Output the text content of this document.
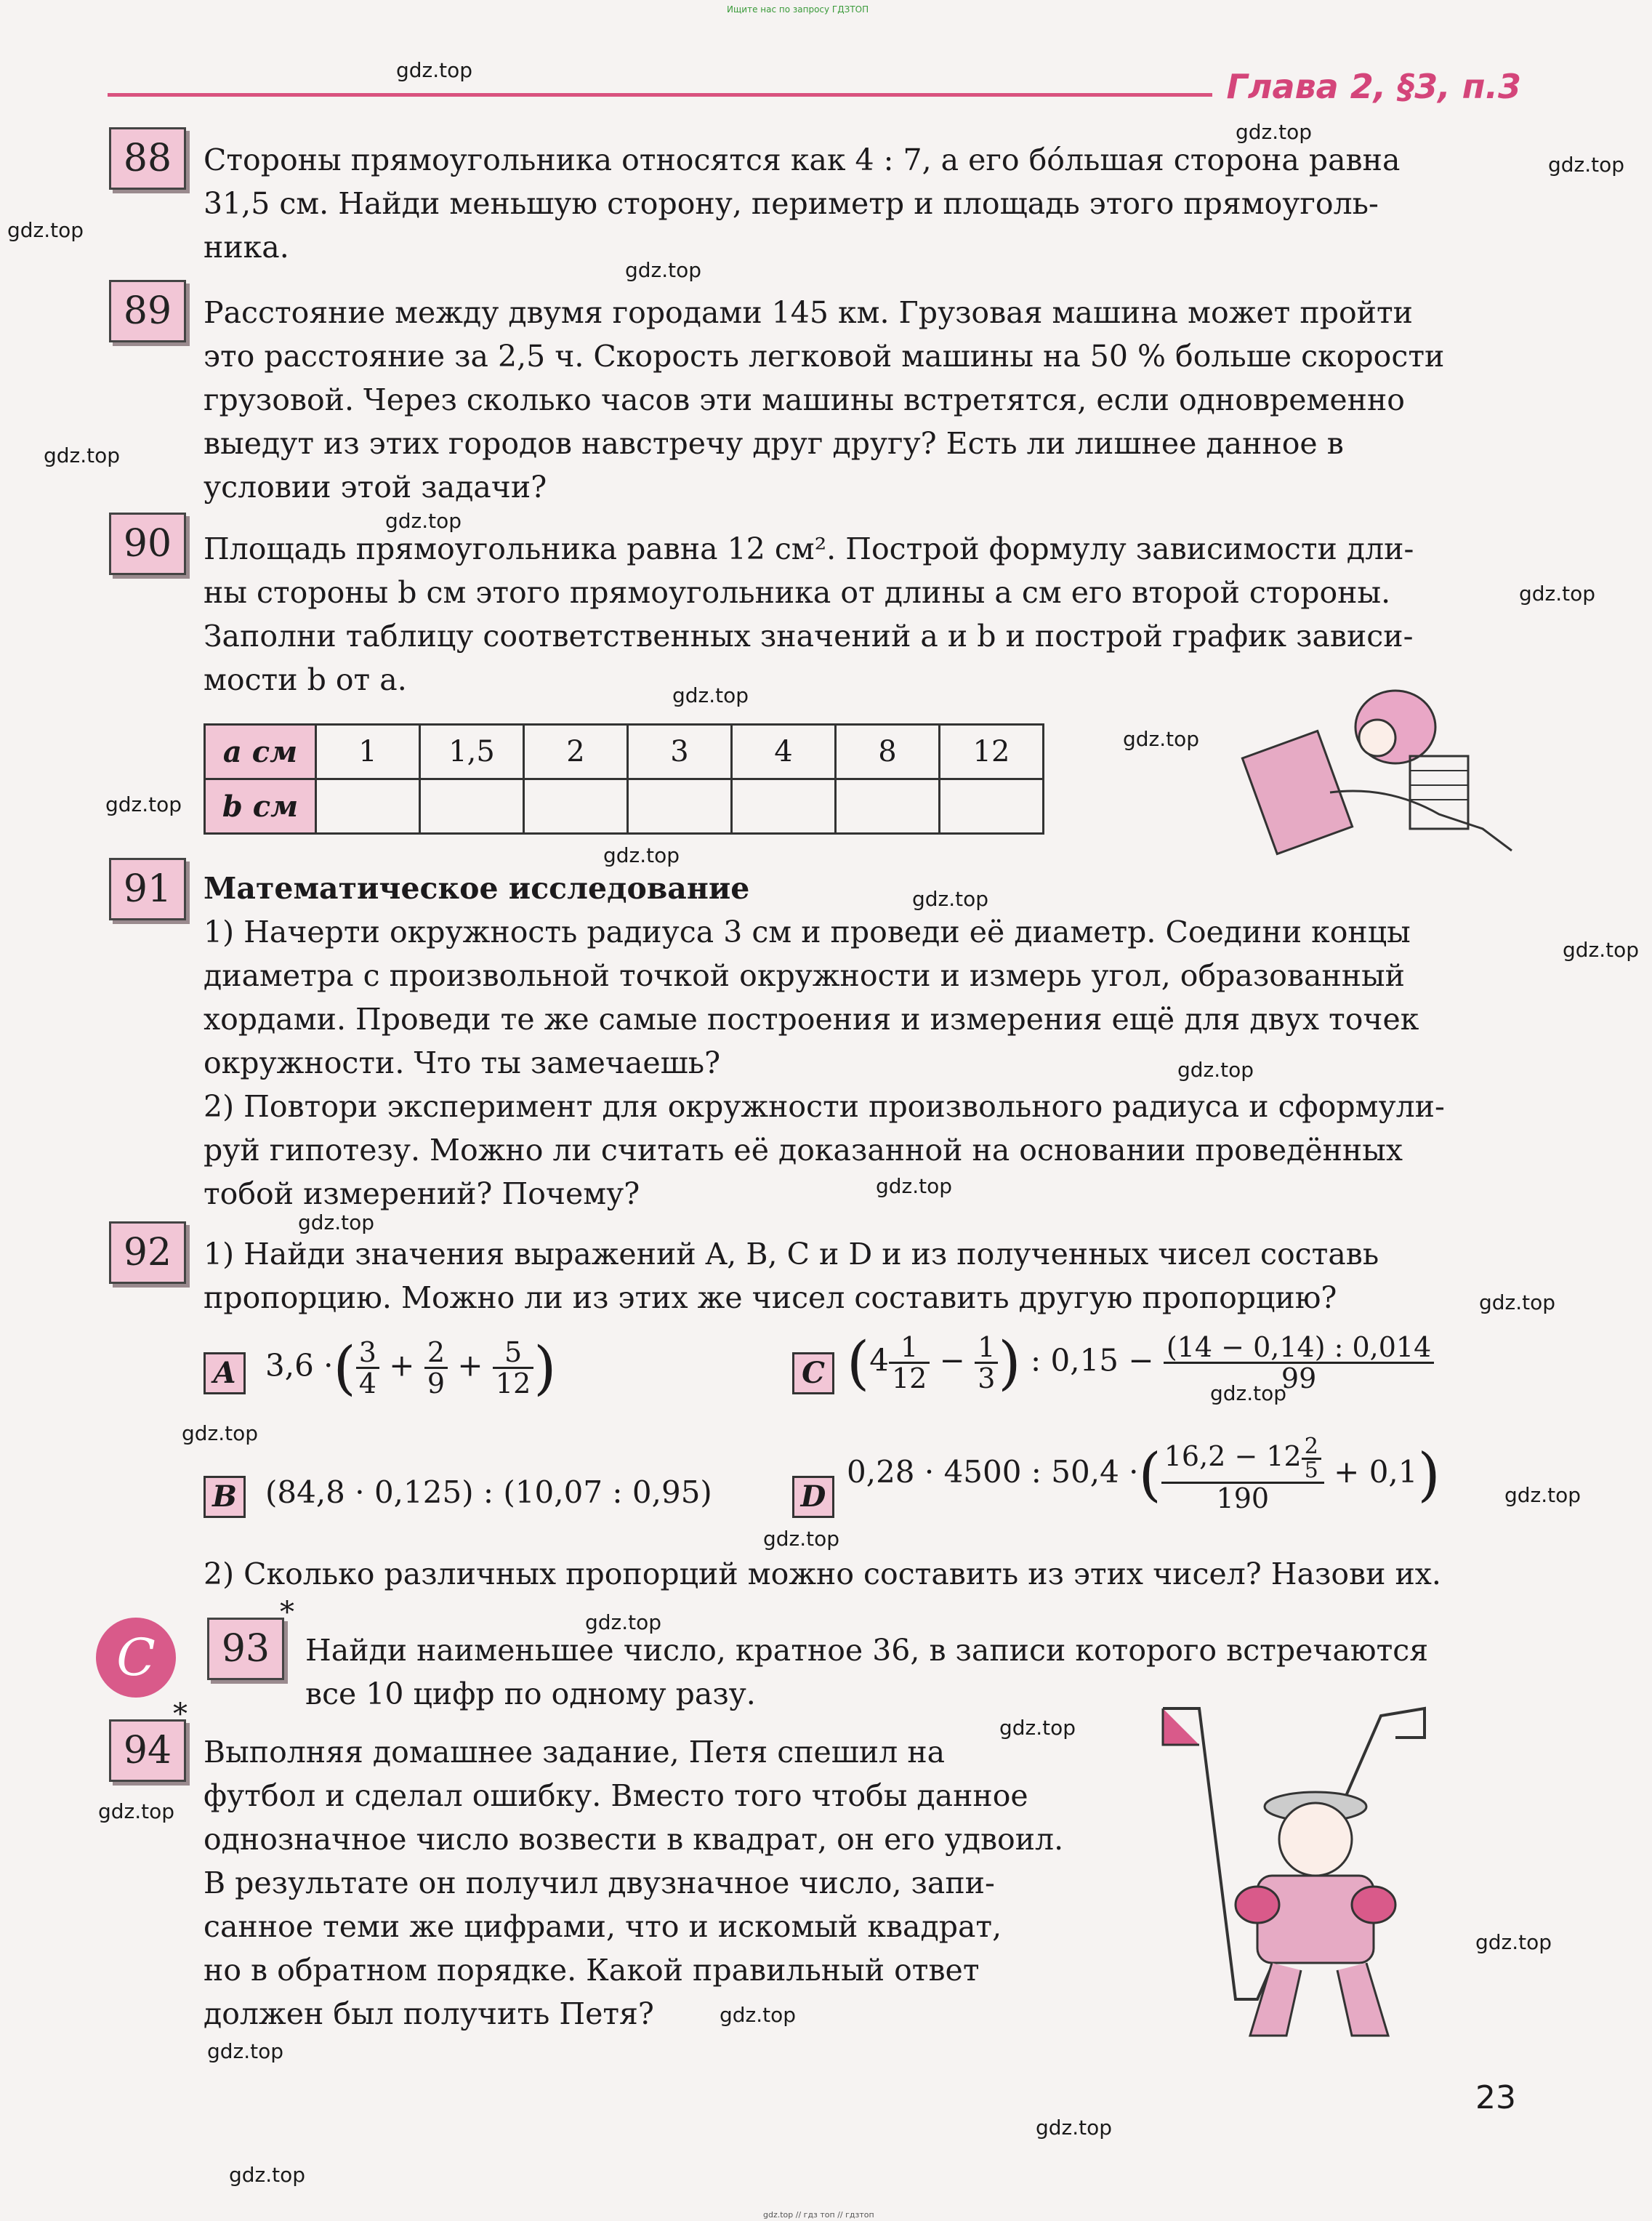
Ищите нас по запросу ГДЗТОП
Глава 2, §3, п.3
88	Стороны прямоугольника относятся как 4 : 7, а его бо́льшая сторона равна

31,5 см. Найди меньшую сторону, периметр и площадь этого прямоуголь-

ника.

89	Расстояние между двумя городами 145 км. Грузовая машина может пройти

это расстояние за 2,5 ч. Скорость легковой машины на 50 % больше скорости

грузовой. Через сколько часов эти машины встретятся, если одновременно

выедут из этих городов навстречу друг другу? Есть ли лишнее данное в

условии этой задачи?

90	Площадь прямоугольника равна 12 см². Построй формулу зависимости дли-

ны стороны b см этого прямоугольника от длины a см его второй стороны.

Заполни таблицу соответственных значений a и b и построй график зависи-

мости b от a.

a см	1	1,5	2	3	4	8	12
b см							
91	Математическое исследование

1) Начерти окружность радиуса 3 см и проведи её диаметр. Соедини концы

диаметра с произвольной точкой окружности и измерь угол, образованный

хордами. Проведи те же самые построения и измерения ещё для двух точек

окружности. Что ты замечаешь?

2) Повтори эксперимент для окружности произвольного радиуса и сформули-

руй гипотезу. Можно ли считать её доказанной на основании проведённых

тобой измерений? Почему?

92	1) Найди значения выражений A, B, C и D и из полученных чисел составь

пропорцию. Можно ли из этих же чисел составить другую пропорцию?

A 3,6 ·( $\frac{3}{4} + \frac{2}{9} + \frac{5}{12}$ )	C ($4 \frac{1}{12} - \frac{1}{3}$ ) : $0,15 - \frac{(14 - 0,14) : 0,014}{99}$
B (84,8 · 0,125) : (10,07 : 0,95)	D
0,28 · 4500 : 50,4 ·( $\frac{16,2 - 12 \frac{2}{5}}{190} + 0,1$)

2) Сколько различных пропорций можно составить из этих чисел? Назови их.

C	93
*

Найди наименьшее число, кратное 36, в записи которого встречаются

все 10 цифр по одному разу.

94
*

Выполняя домашнее задание, Петя спешил на

футбол и сделал ошибку. Вместо того чтобы данное

однозначное число возвести в квадрат, он его удвоил.

В результате он получил двузначное число, запи-

санное теми же цифрами, что и искомый квадрат,

но в обратном порядке. Какой правильный ответ

должен был получить Петя?

23
gdz.top
gdz.top
gdz.top
gdz.top
gdz.top
gdz.top
gdz.top
gdz.top
gdz.top
gdz.top
gdz.top
gdz.top
gdz.top
gdz.top
gdz.top
gdz.top
gdz.top
gdz.top
gdz.top
gdz.top
gdz.top
gdz.top
gdz.top
gdz.top
gdz.top
gdz.top
gdz.top
gdz.top
gdz.top
gdz.top
gdz.top // гдз топ // гдзтоп
